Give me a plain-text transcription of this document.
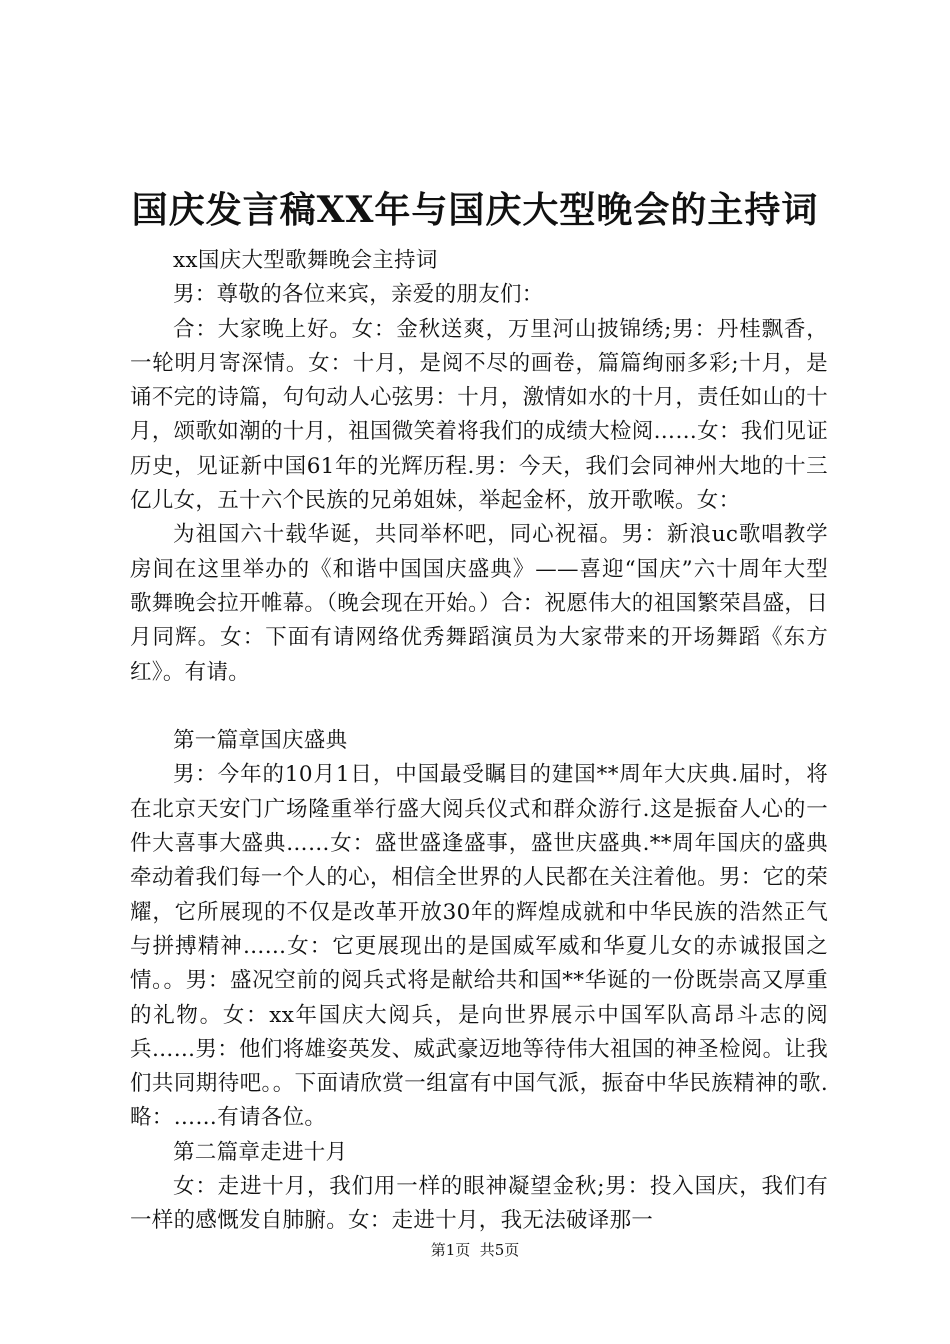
国庆发言稿XX年与国庆大型晚会的主持词

xx国庆大型歌舞晚会主持词

男：尊敬的各位来宾，亲爱的朋友们：

合：大家晚上好。女：金秋送爽，万里河山披锦绣;男：丹桂飘香，一轮明月寄深情。女：十月，是阅不尽的画卷，篇篇绚丽多彩;十月，是诵不完的诗篇，句句动人心弦男：十月，激情如水的十月，责任如山的十月，颂歌如潮的十月，祖国微笑着将我们的成绩大检阅……女：我们见证历史，见证新中国61年的光辉历程.男：今天，我们会同神州大地的十三亿儿女，五十六个民族的兄弟姐妹，举起金杯，放开歌喉。女：

为祖国六十载华诞，共同举杯吧，同心祝福。男：新浪uc歌唱教学房间在这里举办的《和谐中国国庆盛典》——喜迎“国庆”六十周年大型歌舞晚会拉开帷幕。（晚会现在开始。）合：祝愿伟大的祖国繁荣昌盛，日月同辉。女：下面有请网络优秀舞蹈演员为大家带来的开场舞蹈《东方红》。有请。

第一篇章国庆盛典

男：今年的10月1日，中国最受瞩目的建国**周年大庆典.届时，将在北京天安门广场隆重举行盛大阅兵仪式和群众游行.这是振奋人心的一件大喜事大盛典……女：盛世盛逢盛事，盛世庆盛典.**周年国庆的盛典牵动着我们每一个人的心，相信全世界的人民都在关注着他。男：它的荣耀，它所展现的不仅是改革开放30年的辉煌成就和中华民族的浩然正气与拼搏精神……女：它更展现出的是国威军威和华夏儿女的赤诚报国之情。。男：盛况空前的阅兵式将是献给共和国**华诞的一份既崇高又厚重的礼物。女：xx年国庆大阅兵，是向世界展示中国军队高昂斗志的阅兵……男：他们将雄姿英发、威武豪迈地等待伟大祖国的神圣检阅。让我们共同期待吧。。下面请欣赏一组富有中国气派，振奋中华民族精神的歌.略：……有请各位。

第二篇章走进十月

女：走进十月，我们用一样的眼神凝望金秋;男：投入国庆，我们有一样的感慨发自肺腑。女：走进十月，我无法破译那一

第1页  共5页
